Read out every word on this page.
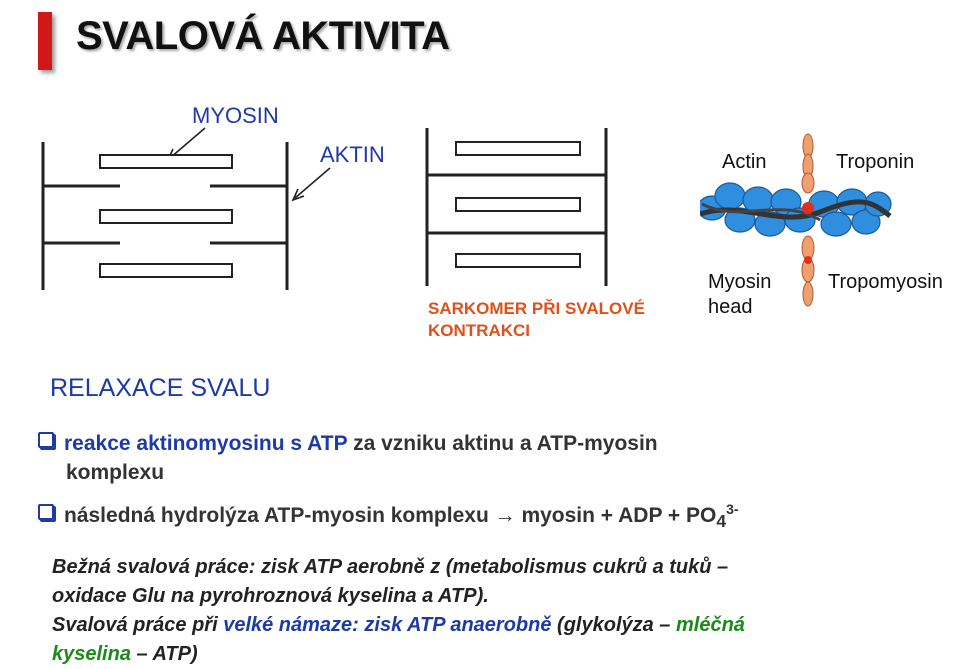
SVALOVÁ AKTIVITA
MYOSIN
AKTIN
SARKOMER PŘI SVALOVÉ
KONTRAKCI
Actin	Troponin
Myosin
head
Tropomyosin
RELAXACE SVALU
reakce aktinomyosinu s ATP za vzniku aktinu a ATP-myosin
komplexu
následná hydrolýza ATP-myosin komplexu → myosin + ADP + $PO_4^{3-}$
Bežná svalová práce: zisk ATP aerobně z (metabolismus cukrů a tuků –
oxidace Glu na pyrohroznová kyselina a ATP).
Svalová práce při velké námaze: zisk ATP anaerobně (glykolýza – mléčná
kyselina – ATP)
